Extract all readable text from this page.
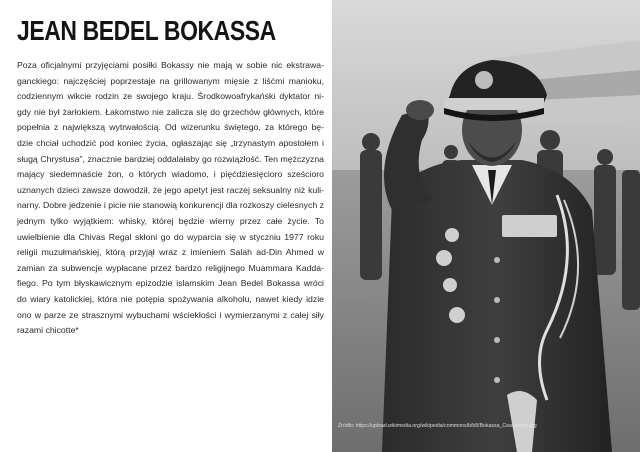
JEAN BEDEL BOKASSA

Poza oficjalnymi przyjęciami posiłki Bokassy nie mają w sobie nic ekstrawa-ganckiego: najczęściej poprzestaje na grillowanym mięsie z liśćmi manioku, codziennym wikcie rodzin ze swojego kraju. Środkowoafrykański dyktator ni-gdy nie był żarłokiem. Łakomstwo nie zalicza się do grzechów głównych, które popełnia z największą wytrwałością. Od wizerunku świętego, za którego bę-dzie chciał uchodzić pod koniec życia, ogłaszając się „trzynastym apostołem i sługą Chrystusa", znacznie bardziej oddalałaby go rozwiązłość. Ten mężczyzna mający siedemnaście żon, o których wiadomo, i pięćdziesięciorо sześcioro uznanych dzieci zawsze dowodził, że jego apetyt jest raczej seksualny niż kuli-narny. Dobre jedzenie i picie nie stanowią konkurencji dla rozkoszy cielesnych z jednym tylko wyjątkiem: whisky, której będzie wierny przez całe życie. To uwielbienie dla Chivas Regal skłoni go do wyparcia się w styczniu 1977 roku religii muzułmańskiej, którą przyjął wraz z imieniem Salah ad-Din Ahmed w zamian za subwencje wypłacane przez bardzo religijnego Muammara Kadda-fiego. Po tym błyskawicznym epizodzie islamskim Jean Bedel Bokassa wróci do wiary katolickiej, która nie potępia spożywania alkoholu, nawet kiedy idzie ono w parze ze strasznymi wybuchami wściekłości i wymierzanymi z całej siły razami chicotte*

Źródło: https://upload.wikimedia.org/wikipedia/commons/b/b8/Bokassa_Ceausescu.jpg
